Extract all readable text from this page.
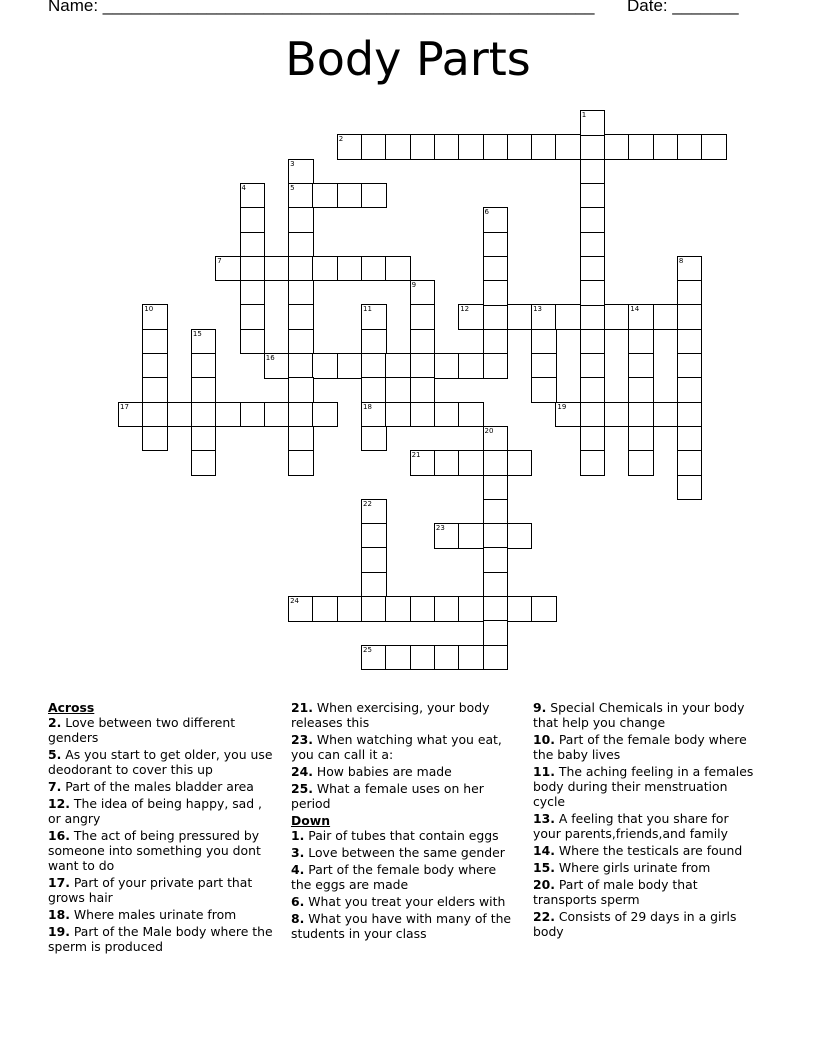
Name: ____________________________________________________ Date: _______
Body Parts
2
5
7
12	13	14
16
17	18	19
21
23
24
25
1
3
4
6
8
9
10	11
15
20
22
Across
2. Love between two different genders
5. As you start to get older, you use deodorant to cover this up
7. Part of the males bladder area
12. The idea of being happy, sad , or angry
16. The act of being pressured by someone into something you dont want to do
17. Part of your private part that grows hair
18. Where males urinate from
19. Part of the Male body where the sperm is produced
21. When exercising, your body releases this
23. When watching what you eat, you can call it a:
24. How babies are made
25. What a female uses on her period
Down
1. Pair of tubes that contain eggs
3. Love between the same gender
4. Part of the female body where the eggs are made
6. What you treat your elders with
8. What you have with many of the students in your class
9. Special Chemicals in your body that help you change
10. Part of the female body where the baby lives
11. The aching feeling in a females body during their menstruation cycle
13. A feeling that you share for your parents,friends,and family
14. Where the testicals are found
15. Where girls urinate from
20. Part of male body that transports sperm
22. Consists of 29 days in a girls body
